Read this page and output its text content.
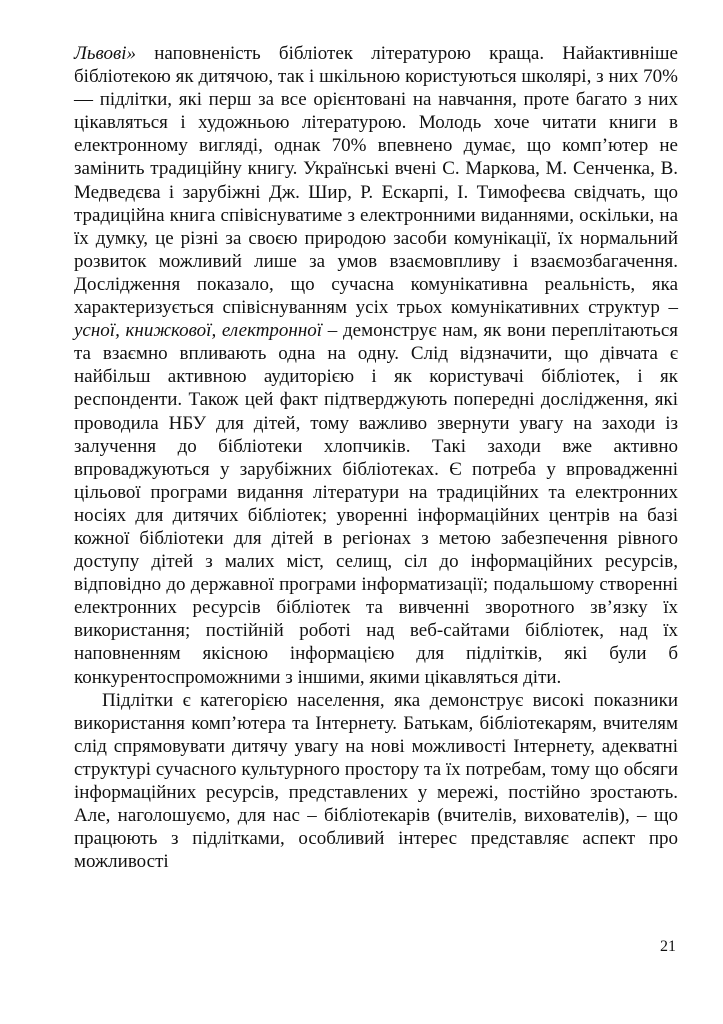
Львові» наповненість бібліотек літературою краща. Найактивніше бібліотекою як дитячою, так і шкільною користуються школярі, з них 70% — підлітки, які перш за все орієнтовані на навчання, проте багато з них цікавляться і художньою літературою. Молодь хоче читати книги в електронному вигляді, однак 70% впевнено думає, що комп’ютер не замінить традиційну книгу. Українські вчені С. Маркова, М. Сенченка, В. Медведєва і зарубіжні Дж. Шир, Р. Ескарпі, І. Тимофеєва свідчать, що традиційна книга співіснуватиме з електронними виданнями, оскільки, на їх думку, це різні за своєю природою засоби комунікації, їх нормальний розвиток можливий лише за умов взаємовпливу і взаємозбагачення. Дослідження показало, що сучасна комунікативна реальність, яка характеризується співіснуванням усіх трьох комунікативних структур – усної, книжкової, електронної – демонструє нам, як вони переплітаються та взаємно впливають одна на одну. Слід відзначити, що дівчата є найбільш активною аудиторією і як користувачі бібліотек, і як респонденти. Також цей факт підтверджують попередні дослідження, які проводила НБУ для дітей, тому важливо звернути увагу на заходи із залучення до бібліотеки хлопчиків. Такі заходи вже активно впроваджуються у зарубіжних бібліотеках. Є потреба у впровадженні цільової програми видання літератури на традиційних та електронних носіях для дитячих бібліотек; уворенні інформаційних центрів на базі кожної бібліотеки для дітей в регіонах з метою забезпечення рівного доступу дітей з малих міст, селищ, сіл до інформаційних ресурсів, відповідно до державної програми інформатизації; подальшому створенні електронних ресурсів бібліотек та вивченні зворотного зв’язку їх використання; постійній роботі над веб-сайтами бібліотек, над їх наповненням якісною інформацією для підлітків, які були б конкурентоспроможними з іншими, якими цікавляться діти.

Підлітки є категорією населення, яка демонструє високі показники використання комп’ютера та Інтернету. Батькам, бібліотекарям, вчителям слід спрямовувати дитячу увагу на нові можливості Інтернету, адекватні структурі сучасного культурного простору та їх потребам, тому що обсяги інформаційних ресурсів, представлених у мережі, постійно зростають. Але, наголошуємо, для нас – бібліотекарів (вчителів, вихователів), – що працюють з підлітками, особливий інтерес представляє аспект про можливості

21
